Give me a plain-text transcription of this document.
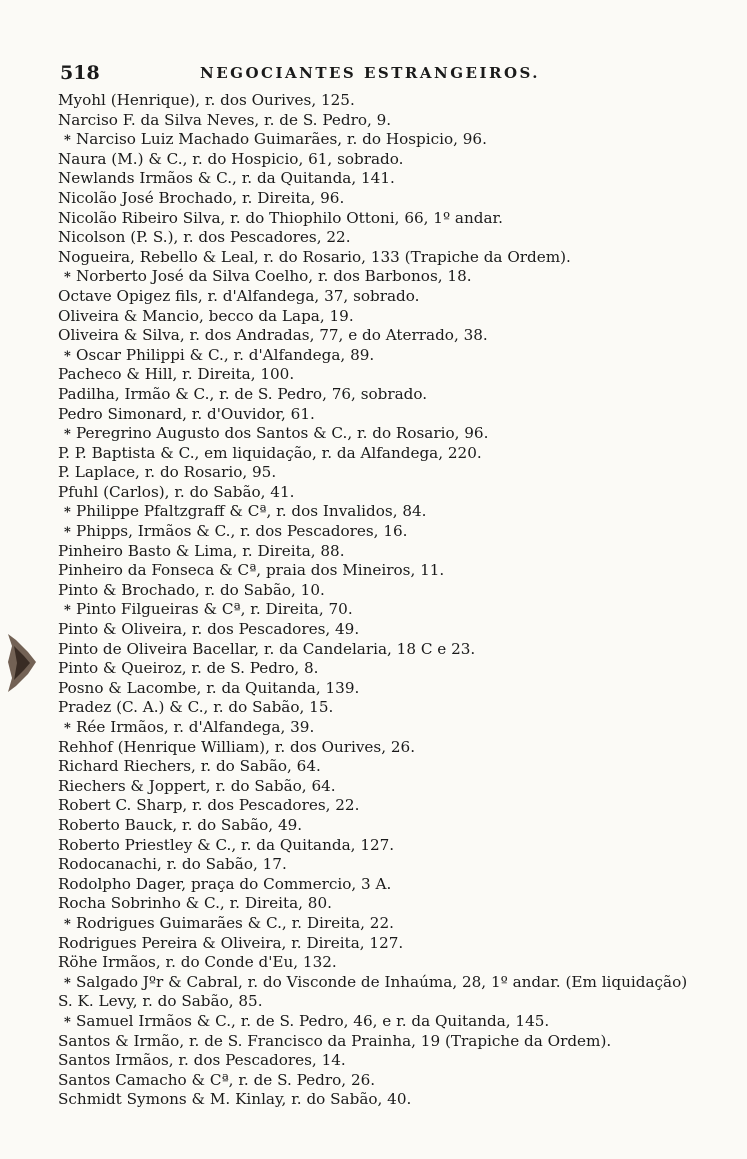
518	NEGOCIANTES ESTRANGEIROS.
Myohl (Henrique), r. dos Ourives, 125.
Narciso F. da Silva Neves, r. de S. Pedro, 9.
* Narciso Luiz Machado Guimarães, r. do Hospicio, 96.
Naura (M.) & C., r. do Hospicio, 61, sobrado.
Newlands Irmãos & C., r. da Quitanda, 141.
Nicolão José Brochado, r. Direita, 96.
Nicolão Ribeiro Silva, r. do Thiophilo Ottoni, 66, 1º andar.
Nicolson (P. S.), r. dos Pescadores, 22.
Nogueira, Rebello & Leal, r. do Rosario, 133 (Trapiche da Ordem).
* Norberto José da Silva Coelho, r. dos Barbonos, 18.
Octave Opigez fils, r. d'Alfandega, 37, sobrado.
Oliveira & Mancio, becco da Lapa, 19.
Oliveira & Silva, r. dos Andradas, 77, e do Aterrado, 38.
* Oscar Philippi & C., r. d'Alfandega, 89.
Pacheco & Hill, r. Direita, 100.
Padilha, Irmão & C., r. de S. Pedro, 76, sobrado.
Pedro Simonard, r. d'Ouvidor, 61.
* Peregrino Augusto dos Santos & C., r. do Rosario, 96.
P. P. Baptista & C., em liquidação, r. da Alfandega, 220.
P. Laplace, r. do Rosario, 95.
Pfuhl (Carlos), r. do Sabão, 41.
* Philippe Pfaltzgraff & Cª, r. dos Invalidos, 84.
* Phipps, Irmãos & C., r. dos Pescadores, 16.
Pinheiro Basto & Lima, r. Direita, 88.
Pinheiro da Fonseca & Cª, praia dos Mineiros, 11.
Pinto & Brochado, r. do Sabão, 10.
* Pinto Filgueiras & Cª, r. Direita, 70.
Pinto & Oliveira, r. dos Pescadores, 49.
Pinto de Oliveira Bacellar, r. da Candelaria, 18 C e 23.
Pinto & Queiroz, r. de S. Pedro, 8.
Posno & Lacombe, r. da Quitanda, 139.
Pradez (C. A.) & C., r. do Sabão, 15.
* Rée Irmãos, r. d'Alfandega, 39.
Rehhof (Henrique William), r. dos Ourives, 26.
Richard Riechers, r. do Sabão, 64.
Riechers & Joppert, r. do Sabão, 64.
Robert C. Sharp, r. dos Pescadores, 22.
Roberto Bauck, r. do Sabão, 49.
Roberto Priestley & C., r. da Quitanda, 127.
Rodocanachi, r. do Sabão, 17.
Rodolpho Dager, praça do Commercio, 3 A.
Rocha Sobrinho & C., r. Direita, 80.
* Rodrigues Guimarães & C., r. Direita, 22.
Rodrigues Pereira & Oliveira, r. Direita, 127.
Röhe Irmãos, r. do Conde d'Eu, 132.
* Salgado Jºr & Cabral, r. do Visconde de Inhaúma, 28, 1º andar. (Em liquidação)
S. K. Levy, r. do Sabão, 85.
* Samuel Irmãos & C., r. de S. Pedro, 46, e r. da Quitanda, 145.
Santos & Irmão, r. de S. Francisco da Prainha, 19 (Trapiche da Ordem).
Santos Irmãos, r. dos Pescadores, 14.
Santos Camacho & Cª, r. de S. Pedro, 26.
Schmidt Symons & M. Kinlay, r. do Sabão, 40.
